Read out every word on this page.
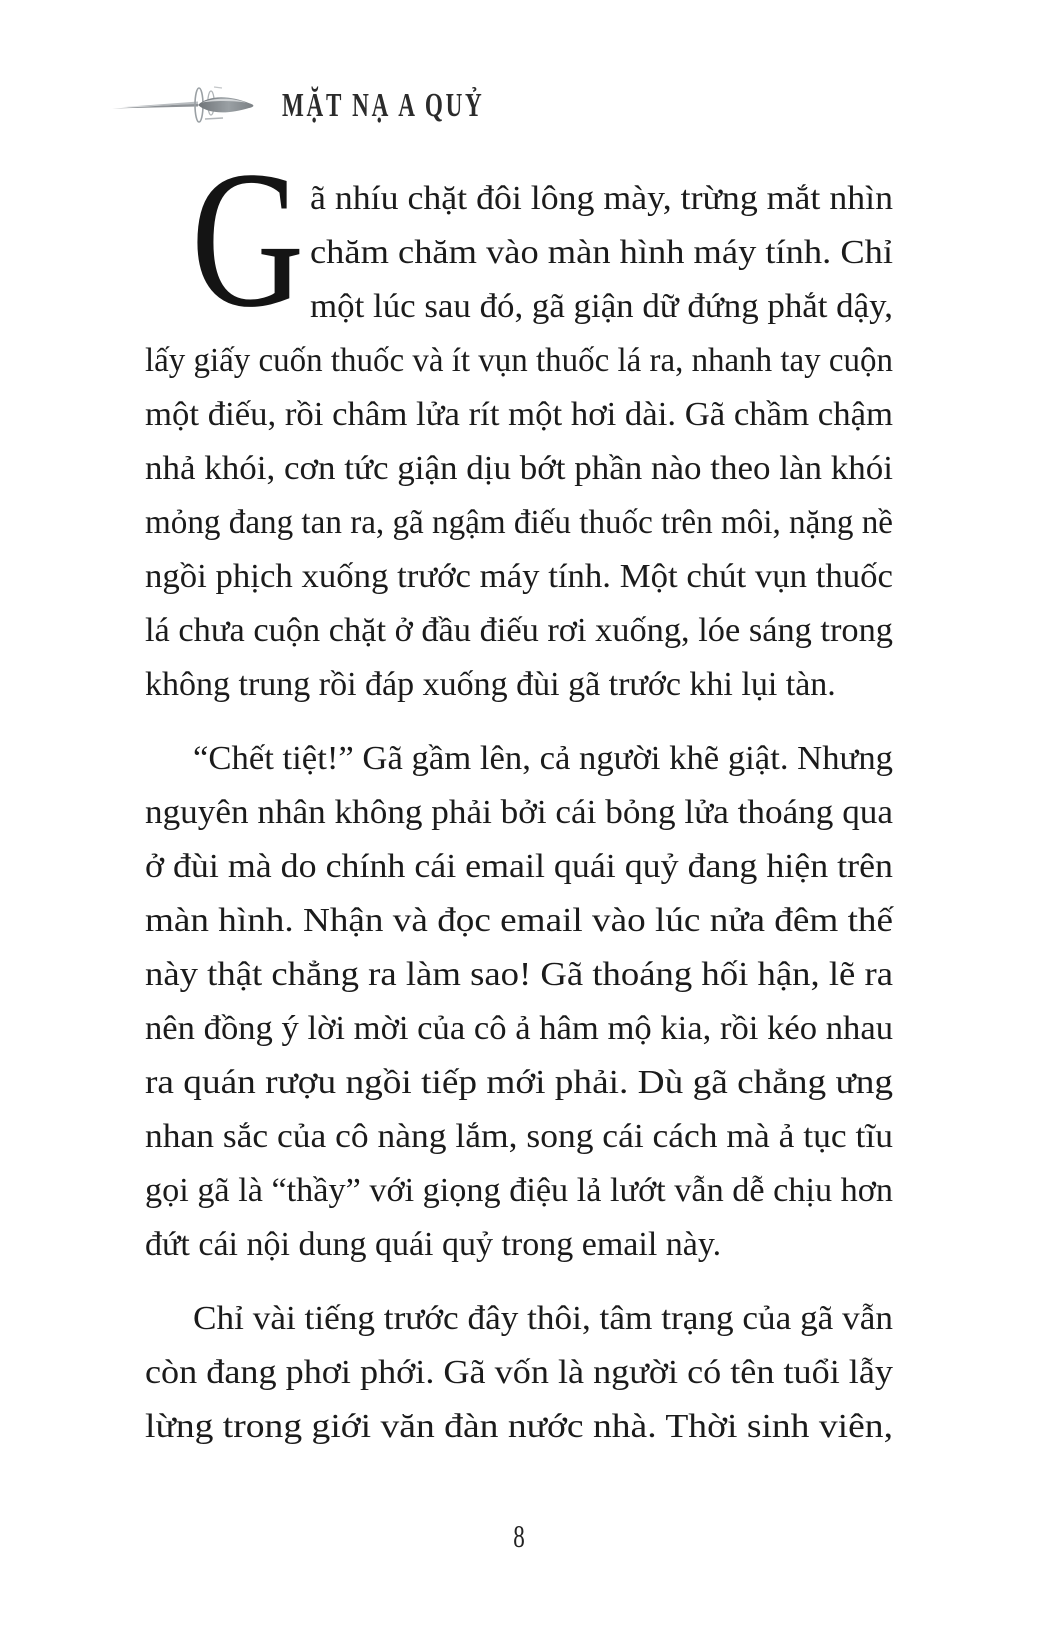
MẶT NẠ A QUỶ
G ã nhíu chặt đôi lông mày, trừng mắt nhìn
chăm chăm vào màn hình máy tính. Chỉ
một lúc sau đó, gã giận dữ đứng phắt dậy,
lấy giấy cuốn thuốc và ít vụn thuốc lá ra, nhanh tay cuộn
một điếu, rồi châm lửa rít một hơi dài. Gã chầm chậm
nhả khói, cơn tức giận dịu bớt phần nào theo làn khói
mỏng đang tan ra, gã ngậm điếu thuốc trên môi, nặng nề
ngồi phịch xuống trước máy tính. Một chút vụn thuốc
lá chưa cuộn chặt ở đầu điếu rơi xuống, lóe sáng trong
không trung rồi đáp xuống đùi gã trước khi lụi tàn.
“Chết tiệt!” Gã gầm lên, cả người khẽ giật. Nhưng
nguyên nhân không phải bởi cái bỏng lửa thoáng qua
ở đùi mà do chính cái email quái quỷ đang hiện trên
màn hình. Nhận và đọc email vào lúc nửa đêm thế
này thật chẳng ra làm sao! Gã thoáng hối hận, lẽ ra
nên đồng ý lời mời của cô ả hâm mộ kia, rồi kéo nhau
ra quán rượu ngồi tiếp mới phải. Dù gã chẳng ưng
nhan sắc của cô nàng lắm, song cái cách mà ả tục tĩu
gọi gã là “thầy” với giọng điệu lả lướt vẫn dễ chịu hơn
đứt cái nội dung quái quỷ trong email này.
Chỉ vài tiếng trước đây thôi, tâm trạng của gã vẫn
còn đang phơi phới. Gã vốn là người có tên tuổi lẫy
lừng trong giới văn đàn nước nhà. Thời sinh viên,
8
